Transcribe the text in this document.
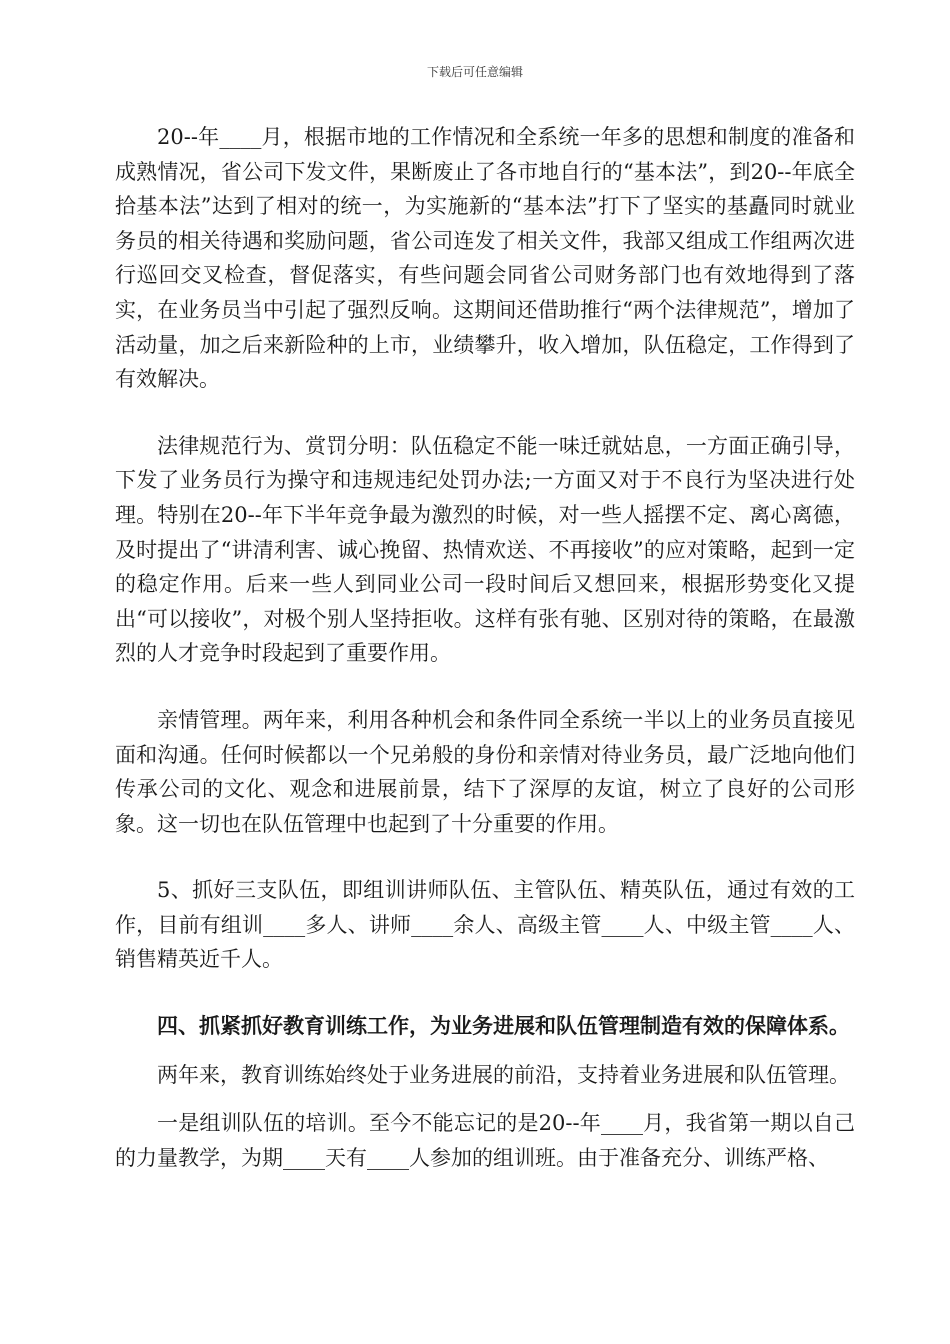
下载后可任意编辑

20--年____月，根据市地的工作情况和全系统一年多的思想和制度的准备和成熟情况，省公司下发文件，果断废止了各市地自行的“基本法”，到20--年底全拾基本法”达到了相对的统一，为实施新的“基本法”打下了坚实的基矗同时就业务员的相关待遇和奖励问题，省公司连发了相关文件，我部又组成工作组两次进行巡回交叉检查，督促落实，有些问题会同省公司财务部门也有效地得到了落实，在业务员当中引起了强烈反响。这期间还借助推行“两个法律规范”，增加了活动量，加之后来新险种的上市，业绩攀升，收入增加，队伍稳定，工作得到了有效解决。

法律规范行为、赏罚分明：队伍稳定不能一味迁就姑息，一方面正确引导，下发了业务员行为操守和违规违纪处罚办法;一方面又对于不良行为坚决进行处理。特别在20--年下半年竞争最为激烈的时候，对一些人摇摆不定、离心离德，及时提出了“讲清利害、诚心挽留、热情欢送、不再接收”的应对策略，起到一定的稳定作用。后来一些人到同业公司一段时间后又想回来，根据形势变化又提出“可以接收”，对极个别人坚持拒收。这样有张有驰、区别对待的策略，在最激烈的人才竞争时段起到了重要作用。

亲情管理。两年来，利用各种机会和条件同全系统一半以上的业务员直接见面和沟通。任何时候都以一个兄弟般的身份和亲情对待业务员，最广泛地向他们传承公司的文化、观念和进展前景，结下了深厚的友谊，树立了良好的公司形象。这一切也在队伍管理中也起到了十分重要的作用。

5、抓好三支队伍，即组训讲师队伍、主管队伍、精英队伍，通过有效的工作，目前有组训____多人、讲师____余人、高级主管____人、中级主管____人、销售精英近千人。

四、抓紧抓好教育训练工作，为业务进展和队伍管理制造有效的保障体系。

两年来，教育训练始终处于业务进展的前沿，支持着业务进展和队伍管理。

一是组训队伍的培训。至今不能忘记的是20--年____月，我省第一期以自己的力量教学，为期____天有____人参加的组训班。由于准备充分、训练严格、
